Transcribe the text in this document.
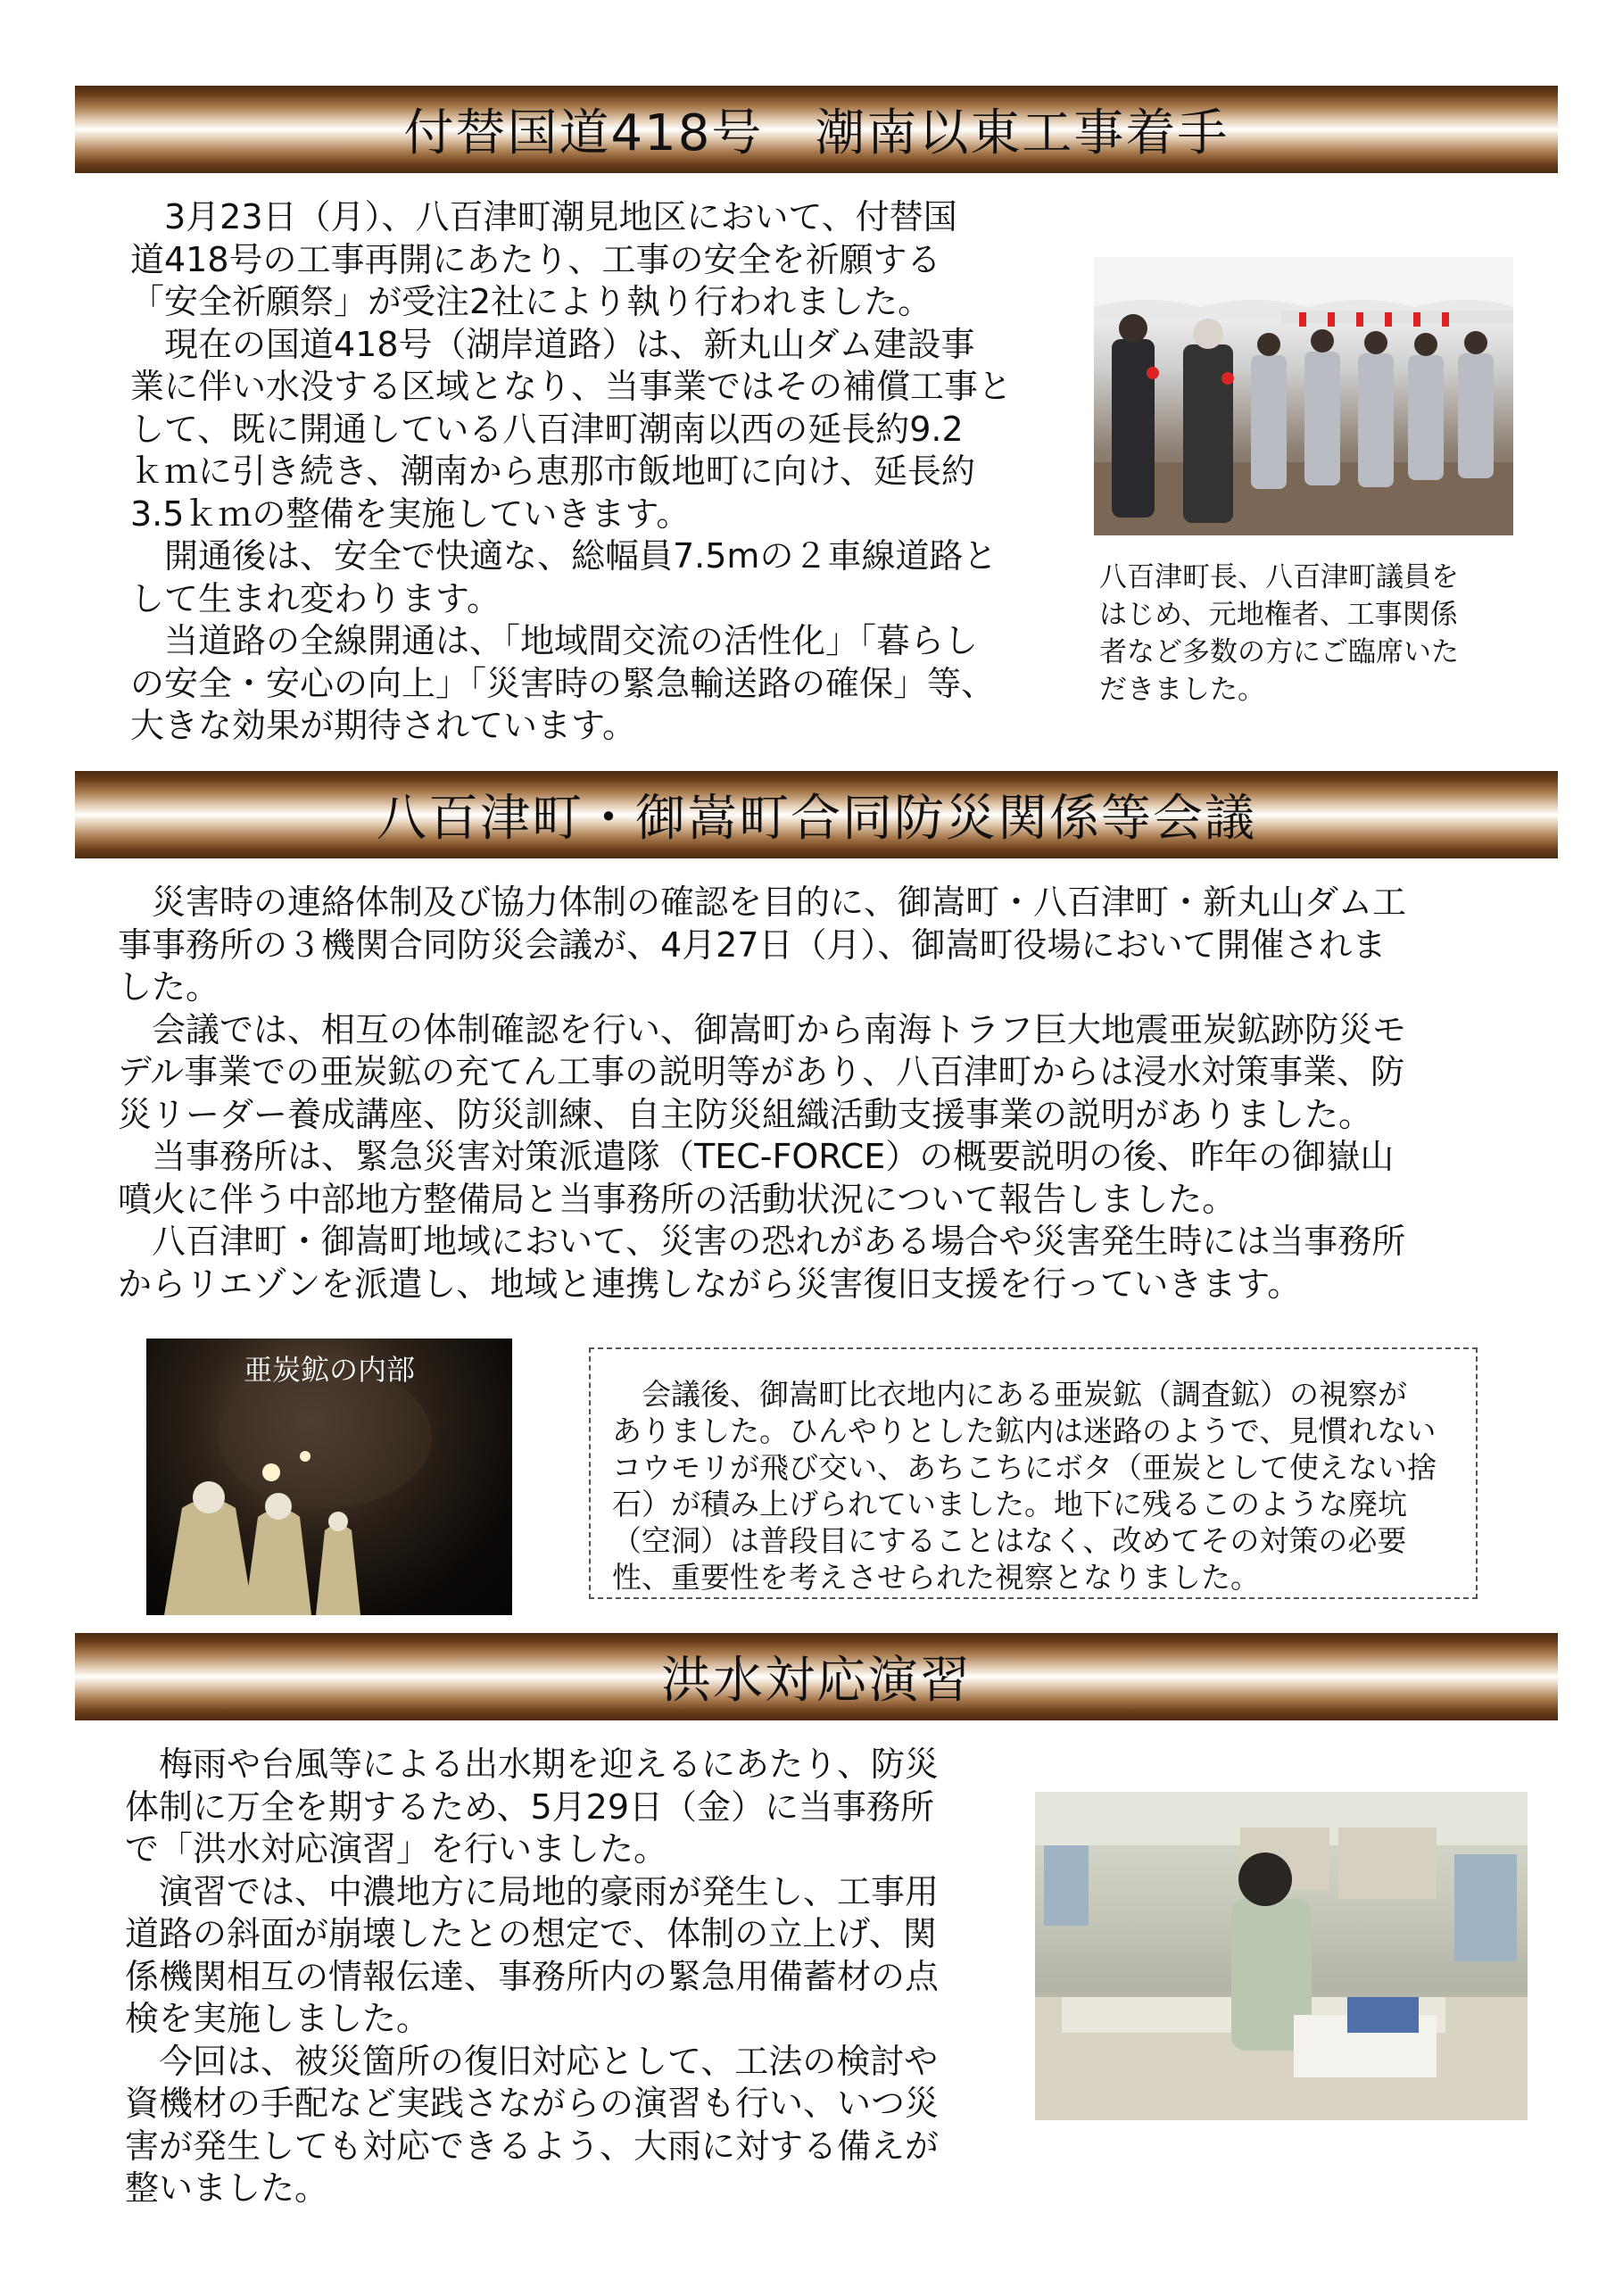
付替国道418号　潮南以東工事着手

　3月23日（月）、八百津町潮見地区において、付替国
道418号の工事再開にあたり、工事の安全を祈願する
「安全祈願祭」が受注2社により執り行われました。
　現在の国道418号（湖岸道路）は、新丸山ダム建設事
業に伴い水没する区域となり、当事業ではその補償工事と
して、既に開通している八百津町潮南以西の延長約9.2
ｋｍに引き続き、潮南から恵那市飯地町に向け、延長約
3.5ｋｍの整備を実施していきます。
　開通後は、安全で快適な、総幅員7.5mの２車線道路と
して生まれ変わります。
　当道路の全線開通は、「地域間交流の活性化」「暮らし
の安全・安心の向上」「災害時の緊急輸送路の確保」等、
大きな効果が期待されています。

八百津町長、八百津町議員を
はじめ、元地権者、工事関係
者など多数の方にご臨席いた
だきました。

八百津町・御嵩町合同防災関係等会議

　災害時の連絡体制及び協力体制の確認を目的に、御嵩町・八百津町・新丸山ダム工
事事務所の３機関合同防災会議が、4月27日（月）、御嵩町役場において開催されま
した。
　会議では、相互の体制確認を行い、御嵩町から南海トラフ巨大地震亜炭鉱跡防災モ
デル事業での亜炭鉱の充てん工事の説明等があり、八百津町からは浸水対策事業、防
災リーダー養成講座、防災訓練、自主防災組織活動支援事業の説明がありました。
　当事務所は、緊急災害対策派遣隊（TEC-FORCE）の概要説明の後、昨年の御嶽山
噴火に伴う中部地方整備局と当事務所の活動状況について報告しました。
　八百津町・御嵩町地域において、災害の恐れがある場合や災害発生時には当事務所
からリエゾンを派遣し、地域と連携しながら災害復旧支援を行っていきます。

亜炭鉱の内部

　会議後、御嵩町比衣地内にある亜炭鉱（調査鉱）の視察が
ありました。ひんやりとした鉱内は迷路のようで、見慣れない
コウモリが飛び交い、あちこちにボタ（亜炭として使えない捨
石）が積み上げられていました。地下に残るこのような廃坑
（空洞）は普段目にすることはなく、改めてその対策の必要
性、重要性を考えさせられた視察となりました。

洪水対応演習

　梅雨や台風等による出水期を迎えるにあたり、防災
体制に万全を期するため、5月29日（金）に当事務所
で「洪水対応演習」を行いました。
　演習では、中濃地方に局地的豪雨が発生し、工事用
道路の斜面が崩壊したとの想定で、体制の立上げ、関
係機関相互の情報伝達、事務所内の緊急用備蓄材の点
検を実施しました。
　今回は、被災箇所の復旧対応として、工法の検討や
資機材の手配など実践さながらの演習も行い、いつ災
害が発生しても対応できるよう、大雨に対する備えが
整いました。
